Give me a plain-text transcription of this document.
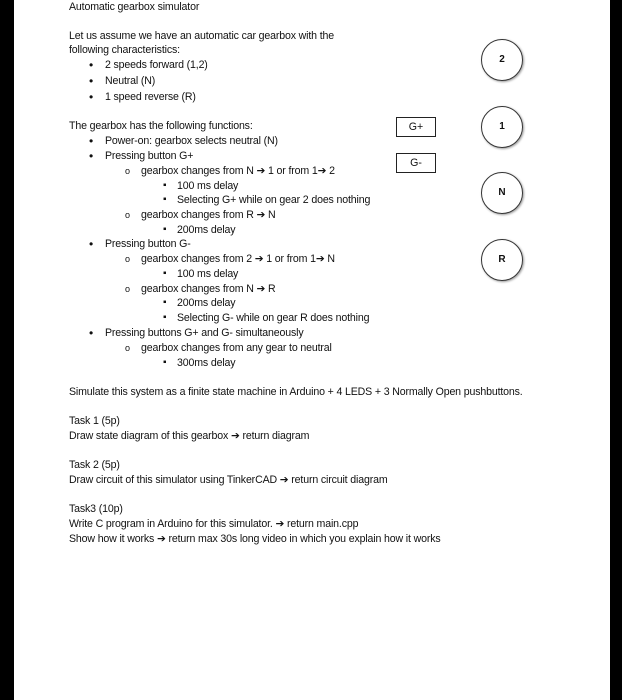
Automatic gearbox simulator
Let us assume we have an automatic car gearbox with the
following characteristics:
• 2 speeds forward (1,2)
• Neutral (N)
• 1 speed reverse (R)
The gearbox has the following functions:
• Power-on: gearbox selects neutral (N)
• Pressing button G+
o gearbox changes from N ➔ 1 or from 1➔ 2
▪ 100 ms delay
▪ Selecting G+ while on gear 2 does nothing
o gearbox changes from R ➔ N
▪ 200ms delay
• Pressing button G-
o gearbox changes from 2 ➔ 1 or from 1➔ N
▪ 100 ms delay
o gearbox changes from N ➔ R
▪ 200ms delay
▪ Selecting G- while on gear R does nothing
• Pressing buttons G+ and G- simultaneously
o gearbox changes from any gear to neutral
▪ 300ms delay
Simulate this system as a finite state machine in Arduino + 4 LEDS + 3 Normally Open pushbuttons.
Task 1 (5p)
Draw state diagram of this gearbox ➔ return diagram
Task 2 (5p)
Draw circuit of this simulator using TinkerCAD ➔ return circuit diagram
Task3 (10p)
Write C program in Arduino for this simulator. ➔ return main.cpp
Show how it works ➔ return max 30s long video in which you explain how it works
G+
G-
2
1
N
R
